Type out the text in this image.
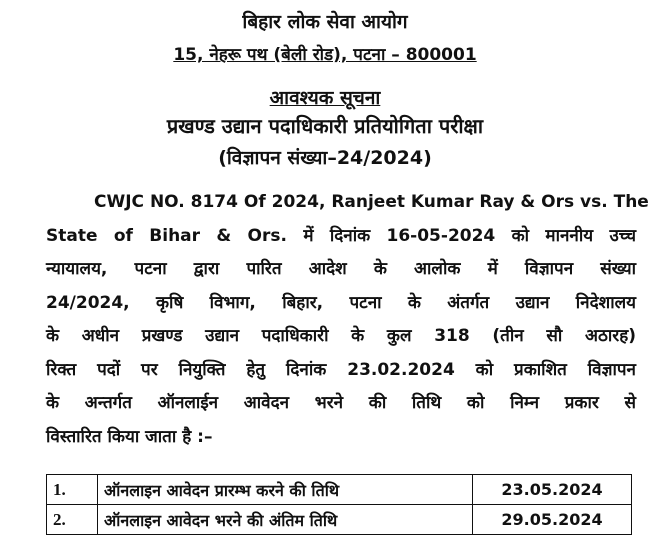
बिहार लोक सेवा आयोग
15, नेहरू पथ (बेली रोड), पटना – 800001
आवश्यक सूचना
प्रखण्ड उद्यान पदाधिकारी प्रतियोगिता परीक्षा
(विज्ञापन संख्या–24/2024)
CWJC NO. 8174 Of 2024, Ranjeet Kumar Ray & Ors vs. The
State of Bihar & Ors. में दिनांक 16-05-2024 को माननीय उच्च
न्यायालय, पटना द्वारा पारित आदेश के आलोक में विज्ञापन संख्या
24/2024, कृषि विभाग, बिहार, पटना के अंतर्गत उद्यान निदेशालय
के अधीन प्रखण्ड उद्यान पदाधिकारी के कुल 318 (तीन सौ अठारह)
रिक्त पदों पर नियुक्ति हेतु दिनांक 23.02.2024 को प्रकाशित विज्ञापन
के अन्तर्गत ऑनलाईन आवेदन भरने की तिथि को निम्न प्रकार से
विस्तारित किया जाता है :–
1.	ऑनलाइन आवेदन प्रारम्भ करने की तिथि	23.05.2024
2.	ऑनलाइन आवेदन भरने की अंतिम तिथि	29.05.2024
